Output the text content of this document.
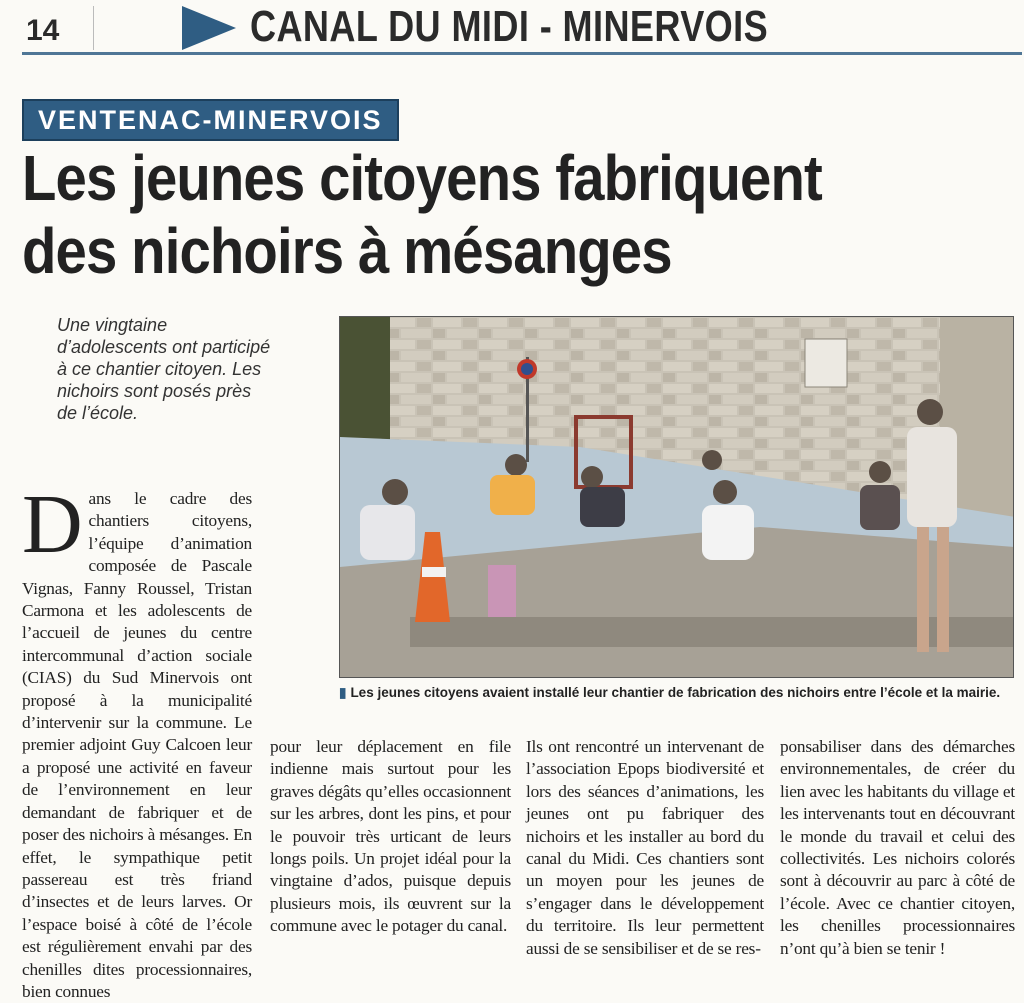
14	CANAL DU MIDI - MINERVOIS
VENTENAC-MINERVOIS
Les jeunes citoyens fabriquent
des nichoirs à mésanges
Une vingtaine d’adolescents ont participé à ce chantier citoyen. Les nichoirs sont posés près de l’école.
▮ Les jeunes citoyens avaient installé leur chantier de fabrication des nichoirs entre l’école et la mairie.
Dans le cadre des chantiers citoyens, l’équipe d’animation composée de Pascale Vignas, Fanny Roussel, Tristan Carmona et les adolescents de l’accueil de jeunes du centre intercommunal d’action sociale (CIAS) du Sud Minervois ont proposé à la municipalité d’intervenir sur la commune. Le premier adjoint Guy Calcoen leur a proposé une activité en faveur de l’environnement en leur demandant de fabriquer et de poser des nichoirs à mésanges. En effet, le sympathique petit passereau est très friand d’insectes et de leurs larves. Or l’espace boisé à côté de l’école est régulièrement envahi par des chenilles dites processionnaires, bien connues
pour leur déplacement en file indienne mais surtout pour les graves dégâts qu’elles occasionnent sur les arbres, dont les pins, et pour le pouvoir très urticant de leurs longs poils. Un projet idéal pour la vingtaine d’ados, puisque depuis plusieurs mois, ils œuvrent sur la commune avec le potager du canal.
Ils ont rencontré un intervenant de l’association Epops biodiversité et lors des séances d’animations, les jeunes ont pu fabriquer des nichoirs et les installer au bord du canal du Midi. Ces chantiers sont un moyen pour les jeunes de s’engager dans le développement du territoire. Ils leur permettent aussi de se sensibiliser et de se res-
ponsabiliser dans des démarches environnementales, de créer du lien avec les habitants du village et les intervenants tout en découvrant le monde du travail et celui des collectivités. Les nichoirs colorés sont à découvrir au parc à côté de l’école. Avec ce chantier citoyen, les chenilles processionnaires n’ont qu’à bien se tenir !
